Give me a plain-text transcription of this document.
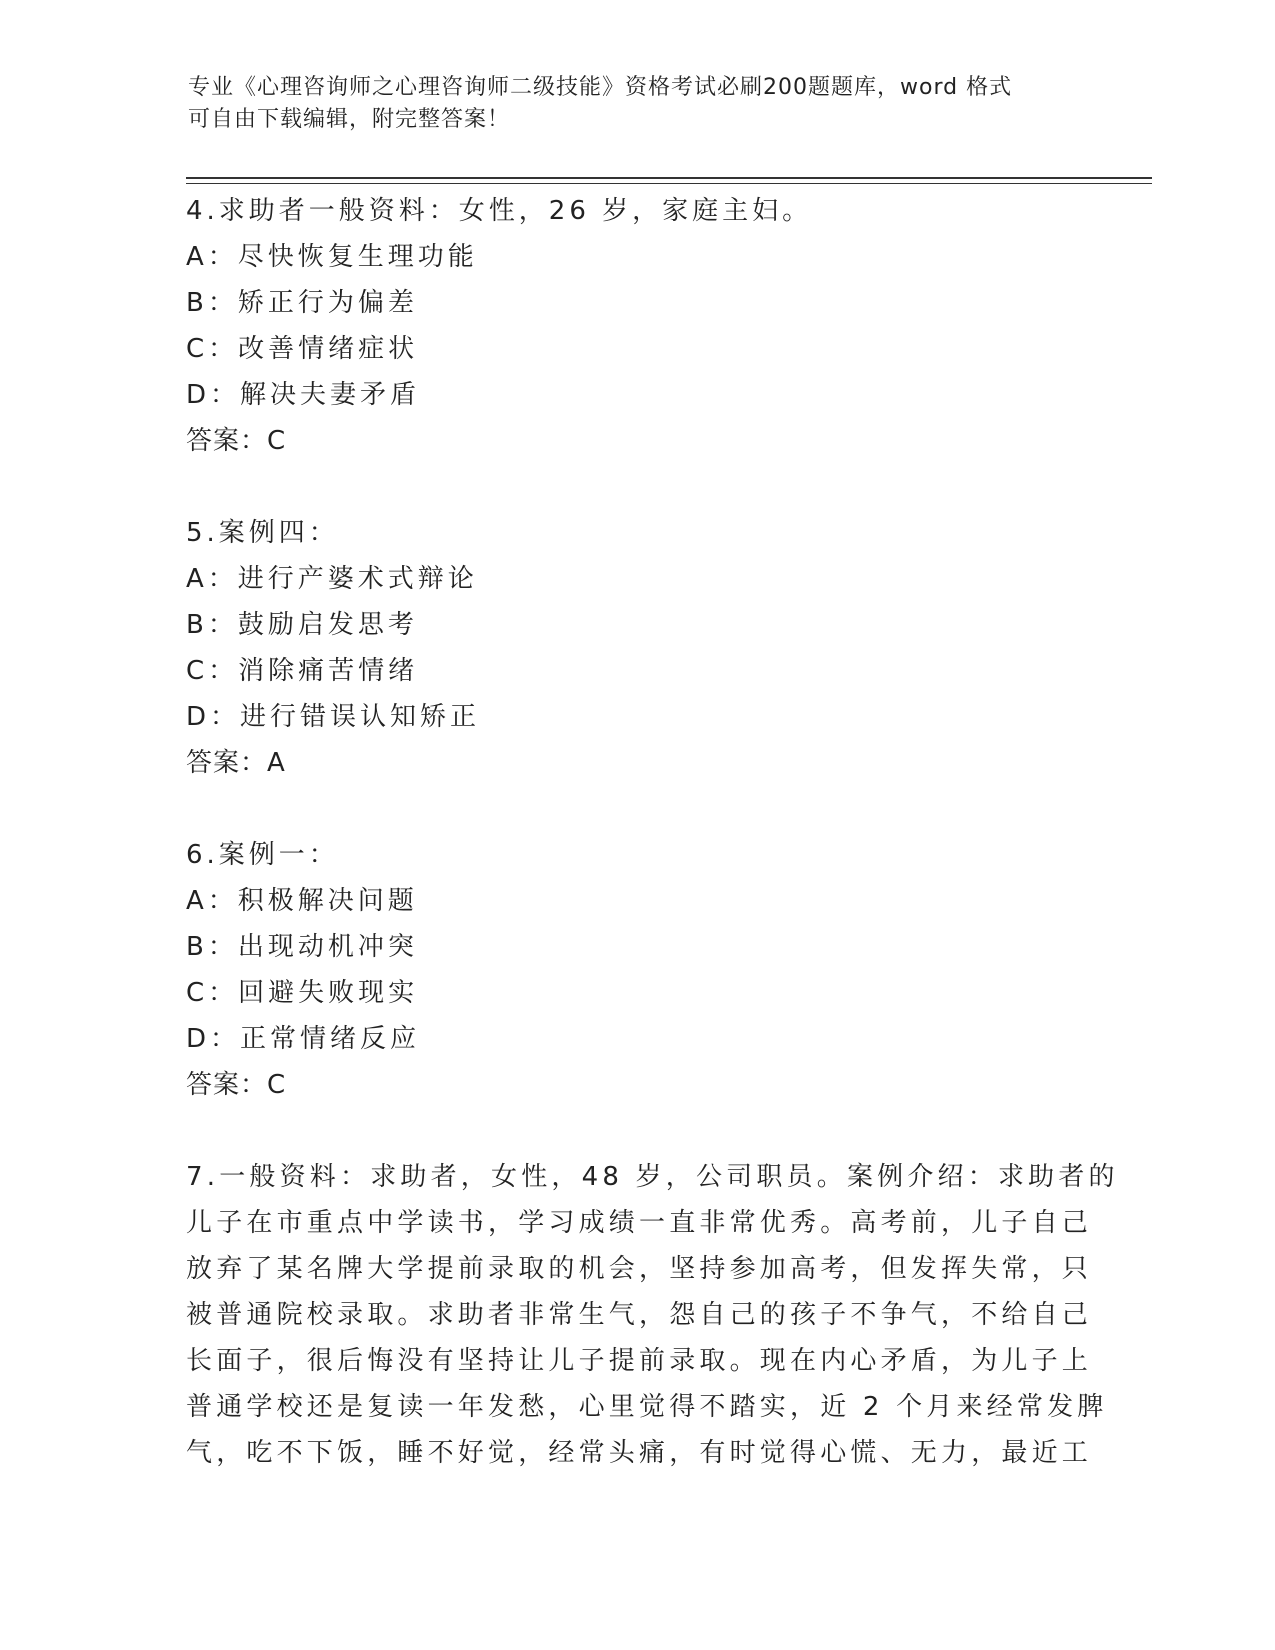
专业《心理咨询师之心理咨询师二级技能》资格考试必刷200题题库，word 格式
可自由下载编辑，附完整答案！
4.求助者一般资料：女性，26 岁，家庭主妇。
A：尽快恢复生理功能
B：矫正行为偏差
C：改善情绪症状
D：解决夫妻矛盾
答案：C
5.案例四：
A：进行产婆术式辩论
B：鼓励启发思考
C：消除痛苦情绪
D：进行错误认知矫正
答案：A
6.案例一：
A：积极解决问题
B：出现动机冲突
C：回避失败现实
D：正常情绪反应
答案：C
7.一般资料：求助者，女性，48 岁，公司职员。案例介绍：求助者的
儿子在市重点中学读书，学习成绩一直非常优秀。高考前，儿子自己
放弃了某名牌大学提前录取的机会，坚持参加高考，但发挥失常，只
被普通院校录取。求助者非常生气，怨自己的孩子不争气，不给自己
长面子，很后悔没有坚持让儿子提前录取。现在内心矛盾，为儿子上
普通学校还是复读一年发愁，心里觉得不踏实，近 2 个月来经常发脾
气，吃不下饭，睡不好觉，经常头痛，有时觉得心慌、无力，最近工
